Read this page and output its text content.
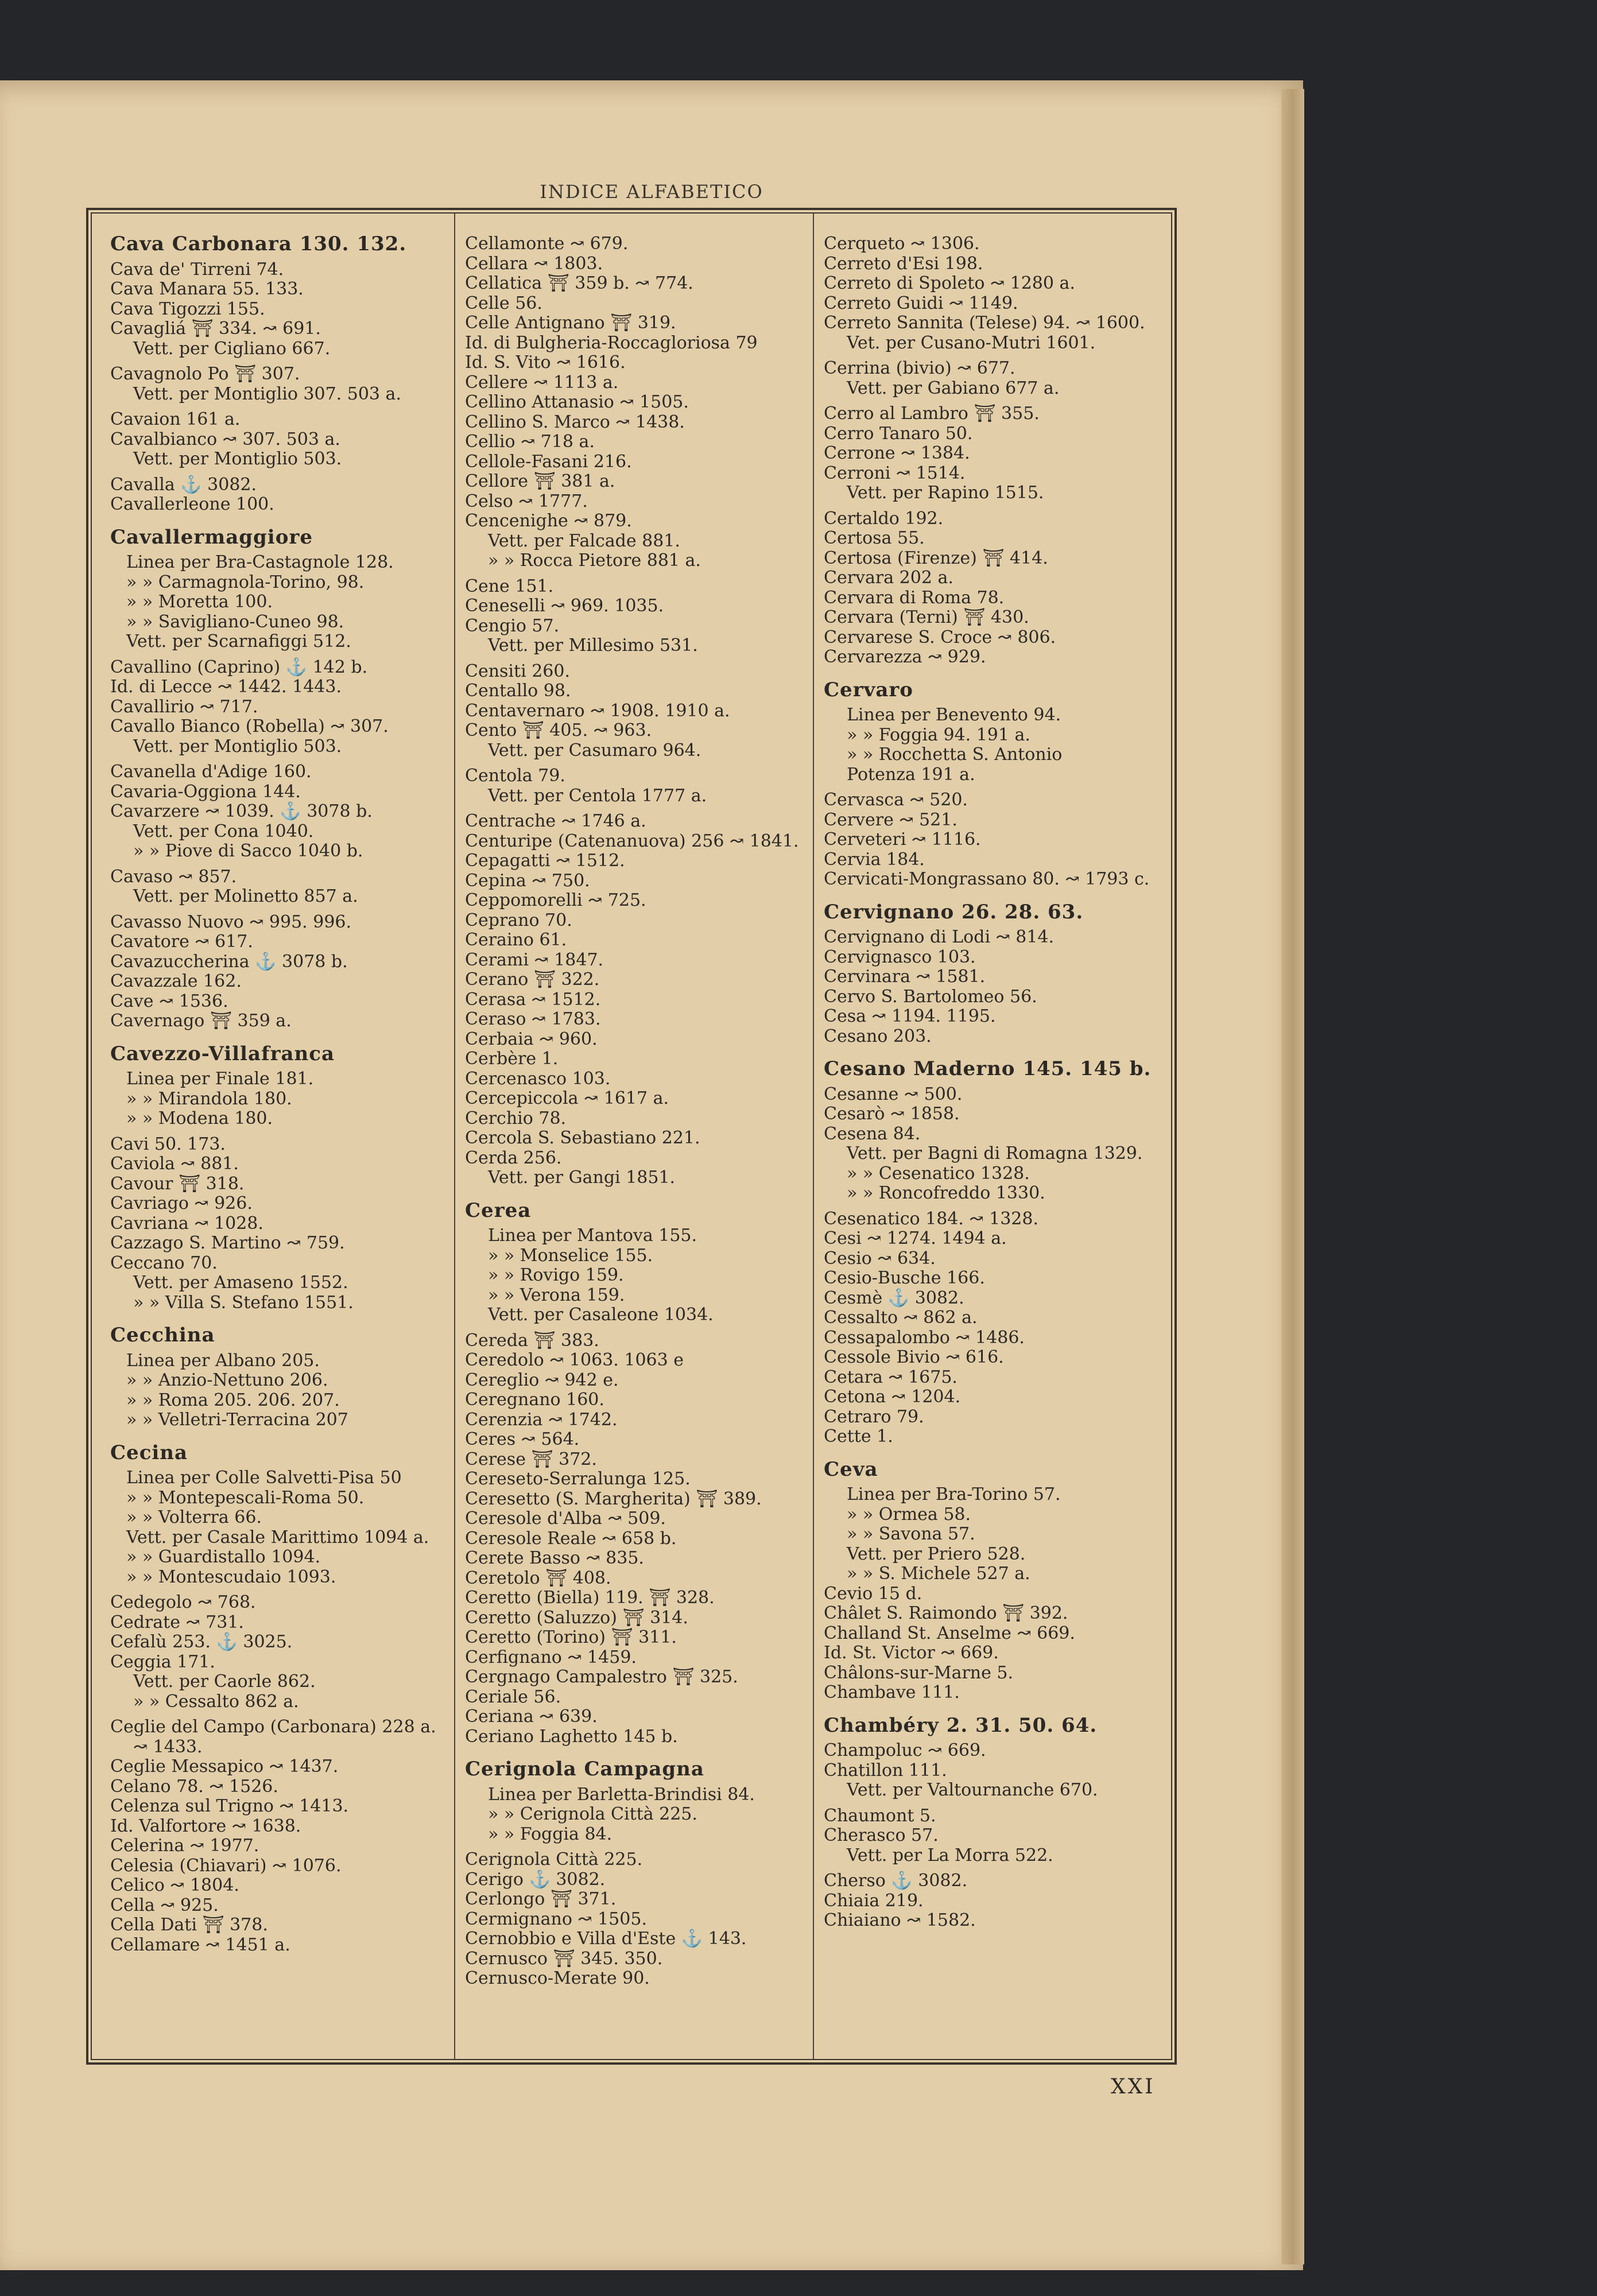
INDICE ALFABETICO
Cava Carbonara 130. 132.
Cava de' Tirreni 74.
Cava Manara 55. 133.
Cava Tigozzi 155.
Cavagliá ⛩ 334. ↝ 691.
Vett. per Cigliano 667.
Cavagnolo Po ⛩ 307.
Vett. per Montiglio 307. 503 a.
Cavaion 161 a.
Cavalbianco ↝ 307. 503 a.
Vett. per Montiglio 503.
Cavalla ⚓ 3082.
Cavallerleone 100.
Cavallermaggiore
Linea per Bra-Castagnole 128.
» » Carmagnola-Torino, 98.
» » Moretta 100.
» » Savigliano-Cuneo 98.
Vett. per Scarnafiggi 512.
Cavallino (Caprino) ⚓ 142 b.
Id. di Lecce ↝ 1442. 1443.
Cavallirio ↝ 717.
Cavallo Bianco (Robella) ↝ 307.
Vett. per Montiglio 503.
Cavanella d'Adige 160.
Cavaria-Oggiona 144.
Cavarzere ↝ 1039. ⚓ 3078 b.
Vett. per Cona 1040.
» » Piove di Sacco 1040 b.
Cavaso ↝ 857.
Vett. per Molinetto 857 a.
Cavasso Nuovo ↝ 995. 996.
Cavatore ↝ 617.
Cavazuccherina ⚓ 3078 b.
Cavazzale 162.
Cave ↝ 1536.
Cavernago ⛩ 359 a.
Cavezzo-Villafranca
Linea per Finale 181.
» » Mirandola 180.
» » Modena 180.
Cavi 50. 173.
Caviola ↝ 881.
Cavour ⛩ 318.
Cavriago ↝ 926.
Cavriana ↝ 1028.
Cazzago S. Martino ↝ 759.
Ceccano 70.
Vett. per Amaseno 1552.
» » Villa S. Stefano 1551.
Cecchina
Linea per Albano 205.
» » Anzio-Nettuno 206.
» » Roma 205. 206. 207.
» » Velletri-Terracina 207
Cecina
Linea per Colle Salvetti-Pisa 50
» » Montepescali-Roma 50.
» » Volterra 66.
Vett. per Casale Marittimo 1094 a.
» » Guardistallo 1094.
» » Montescudaio 1093.
Cedegolo ↝ 768.
Cedrate ↝ 731.
Cefalù 253. ⚓ 3025.
Ceggia 171.
Vett. per Caorle 862.
» » Cessalto 862 a.
Ceglie del Campo (Carbonara) 228 a.
↝ 1433.
Ceglie Messapico ↝ 1437.
Celano 78. ↝ 1526.
Celenza sul Trigno ↝ 1413.
Id. Valfortore ↝ 1638.
Celerina ↝ 1977.
Celesia (Chiavari) ↝ 1076.
Celico ↝ 1804.
Cella ↝ 925.
Cella Dati ⛩ 378.
Cellamare ↝ 1451 a.
Cellamonte ↝ 679.
Cellara ↝ 1803.
Cellatica ⛩ 359 b. ↝ 774.
Celle 56.
Celle Antignano ⛩ 319.
Id. di Bulgheria-Roccagloriosa 79
Id. S. Vito ↝ 1616.
Cellere ↝ 1113 a.
Cellino Attanasio ↝ 1505.
Cellino S. Marco ↝ 1438.
Cellio ↝ 718 a.
Cellole-Fasani 216.
Cellore ⛩ 381 a.
Celso ↝ 1777.
Cencenighe ↝ 879.
Vett. per Falcade 881.
» » Rocca Pietore 881 a.
Cene 151.
Ceneselli ↝ 969. 1035.
Cengio 57.
Vett. per Millesimo 531.
Censiti 260.
Centallo 98.
Centavernaro ↝ 1908. 1910 a.
Cento ⛩ 405. ↝ 963.
Vett. per Casumaro 964.
Centola 79.
Vett. per Centola 1777 a.
Centrache ↝ 1746 a.
Centuripe (Catenanuova) 256 ↝ 1841.
Cepagatti ↝ 1512.
Cepina ↝ 750.
Ceppomorelli ↝ 725.
Ceprano 70.
Ceraino 61.
Cerami ↝ 1847.
Cerano ⛩ 322.
Cerasa ↝ 1512.
Ceraso ↝ 1783.
Cerbaia ↝ 960.
Cerbère 1.
Cercenasco 103.
Cercepiccola ↝ 1617 a.
Cerchio 78.
Cercola S. Sebastiano 221.
Cerda 256.
Vett. per Gangi 1851.
Cerea
Linea per Mantova 155.
» » Monselice 155.
» » Rovigo 159.
» » Verona 159.
Vett. per Casaleone 1034.
Cereda ⛩ 383.
Ceredolo ↝ 1063. 1063 e
Cereglio ↝ 942 e.
Ceregnano 160.
Cerenzia ↝ 1742.
Ceres ↝ 564.
Cerese ⛩ 372.
Cereseto-Serralunga 125.
Ceresetto (S. Margherita) ⛩ 389.
Ceresole d'Alba ↝ 509.
Ceresole Reale ↝ 658 b.
Cerete Basso ↝ 835.
Ceretolo ⛩ 408.
Ceretto (Biella) 119. ⛩ 328.
Ceretto (Saluzzo) ⛩ 314.
Ceretto (Torino) ⛩ 311.
Cerfignano ↝ 1459.
Cergnago Campalestro ⛩ 325.
Ceriale 56.
Ceriana ↝ 639.
Ceriano Laghetto 145 b.
Cerignola Campagna
Linea per Barletta-Brindisi 84.
» » Cerignola Città 225.
» » Foggia 84.
Cerignola Città 225.
Cerigo ⚓ 3082.
Cerlongo ⛩ 371.
Cermignano ↝ 1505.
Cernobbio e Villa d'Este ⚓ 143.
Cernusco ⛩ 345. 350.
Cernusco-Merate 90.
Cerqueto ↝ 1306.
Cerreto d'Esi 198.
Cerreto di Spoleto ↝ 1280 a.
Cerreto Guidi ↝ 1149.
Cerreto Sannita (Telese) 94. ↝ 1600.
Vet. per Cusano-Mutri 1601.
Cerrina (bivio) ↝ 677.
Vett. per Gabiano 677 a.
Cerro al Lambro ⛩ 355.
Cerro Tanaro 50.
Cerrone ↝ 1384.
Cerroni ↝ 1514.
Vett. per Rapino 1515.
Certaldo 192.
Certosa 55.
Certosa (Firenze) ⛩ 414.
Cervara 202 a.
Cervara di Roma 78.
Cervara (Terni) ⛩ 430.
Cervarese S. Croce ↝ 806.
Cervarezza ↝ 929.
Cervaro
Linea per Benevento 94.
» » Foggia 94. 191 a.
» » Rocchetta S. Antonio
Potenza 191 a.
Cervasca ↝ 520.
Cervere ↝ 521.
Cerveteri ↝ 1116.
Cervia 184.
Cervicati-Mongrassano 80. ↝ 1793 c.
Cervignano 26. 28. 63.
Cervignano di Lodi ↝ 814.
Cervignasco 103.
Cervinara ↝ 1581.
Cervo S. Bartolomeo 56.
Cesa ↝ 1194. 1195.
Cesano 203.
Cesano Maderno 145. 145 b.
Cesanne ↝ 500.
Cesarò ↝ 1858.
Cesena 84.
Vett. per Bagni di Romagna 1329.
» » Cesenatico 1328.
» » Roncofreddo 1330.
Cesenatico 184. ↝ 1328.
Cesi ↝ 1274. 1494 a.
Cesio ↝ 634.
Cesio-Busche 166.
Cesmè ⚓ 3082.
Cessalto ↝ 862 a.
Cessapalombo ↝ 1486.
Cessole Bivio ↝ 616.
Cetara ↝ 1675.
Cetona ↝ 1204.
Cetraro 79.
Cette 1.
Ceva
Linea per Bra-Torino 57.
» » Ormea 58.
» » Savona 57.
Vett. per Priero 528.
» » S. Michele 527 a.
Cevio 15 d.
Châlet S. Raimondo ⛩ 392.
Challand St. Anselme ↝ 669.
Id. St. Victor ↝ 669.
Châlons-sur-Marne 5.
Chambave 111.
Chambéry 2. 31. 50. 64.
Champoluc ↝ 669.
Chatillon 111.
Vett. per Valtournanche 670.
Chaumont 5.
Cherasco 57.
Vett. per La Morra 522.
Cherso ⚓ 3082.
Chiaia 219.
Chiaiano ↝ 1582.
XXI
